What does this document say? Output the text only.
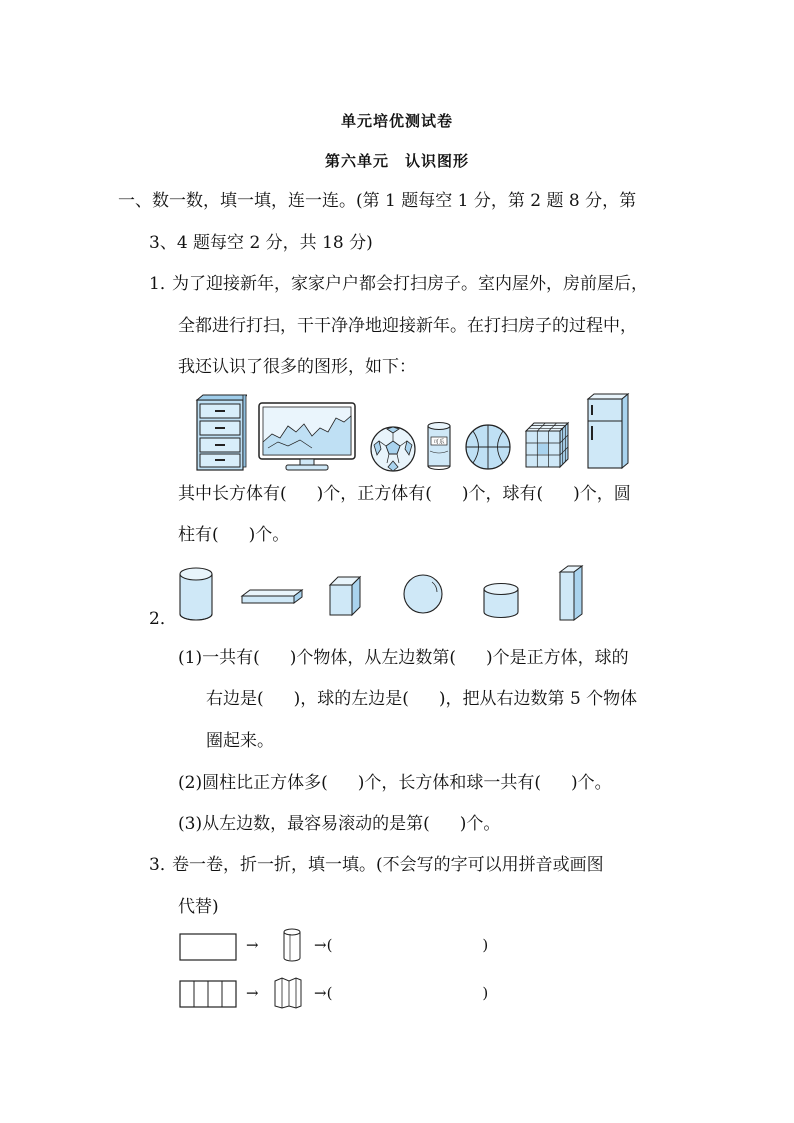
单元培优测试卷
第六单元　认识图形
一、数一数，填一填，连一连。(第 1 题每空 1 分，第 2 题 8 分，第
3、4 题每空 2 分，共 18 分)
1．
为了迎接新年，家家户户都会打扫房子。室内屋外，房前屋后，
全都进行打扫，干干净净地迎接新年。在打扫房子的过程中，
我还认识了很多的图形，如下：
可乐
其中长方体有( )个，正方体有( )个，球有( )个，圆
柱有( )个。
2．
(1)一共有( )个物体，从左边数第( )个是正方体，球的
右边是( )，球的左边是( )，把从右边数第 5 个物体
圈起来。
(2)圆柱比正方体多( )个，长方体和球一共有( )个。
(3)从左边数，最容易滚动的是第( )个。
3．
卷一卷，折一折，填一填。(不会写的字可以用拼音或画图
代替)
→	→(	)
→	→(	)
